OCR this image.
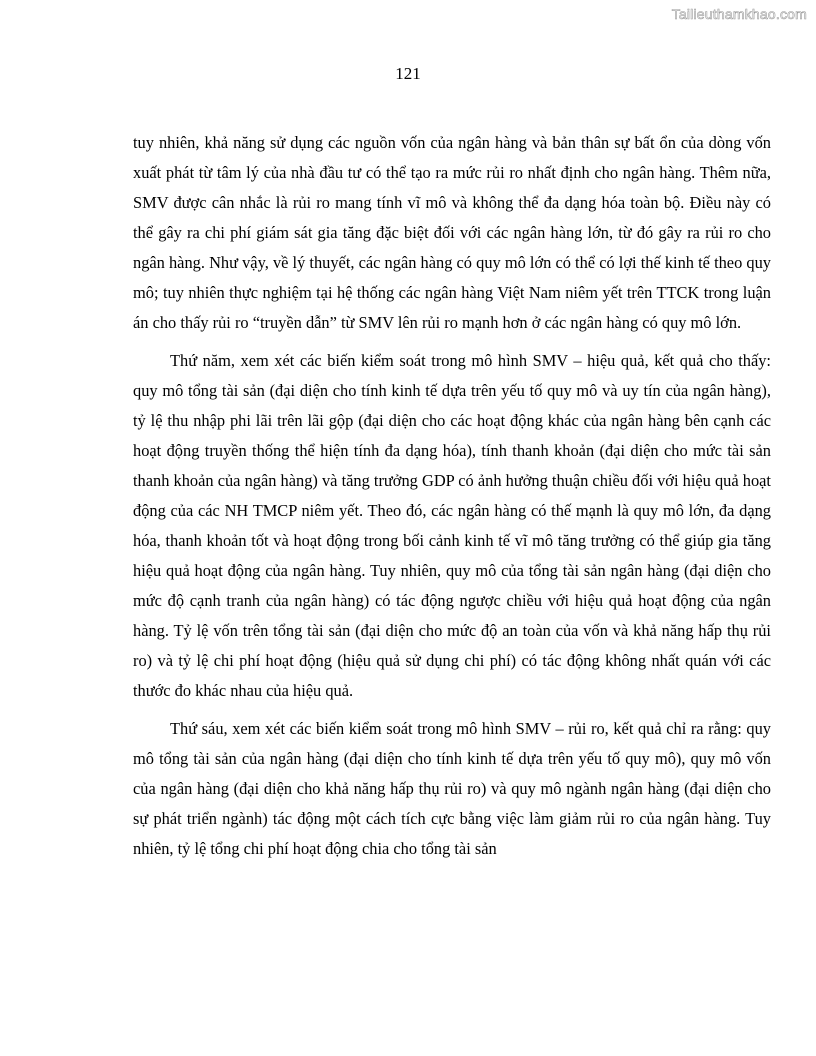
Tailieuthamkhao.com
121

tuy nhiên, khả năng sử dụng các nguồn vốn của ngân hàng và bản thân sự bất ổn của dòng vốn xuất phát từ tâm lý của nhà đầu tư có thể tạo ra mức rủi ro nhất định cho ngân hàng. Thêm nữa, SMV được cân nhắc là rủi ro mang tính vĩ mô và không thể đa dạng hóa toàn bộ. Điều này có thể gây ra chi phí giám sát gia tăng đặc biệt đối với các ngân hàng lớn, từ đó gây ra rủi ro cho ngân hàng. Như vậy, về lý thuyết, các ngân hàng có quy mô lớn có thể có lợi thế kinh tế theo quy mô; tuy nhiên thực nghiệm tại hệ thống các ngân hàng Việt Nam niêm yết trên TTCK trong luận án cho thấy rủi ro “truyền dẫn” từ SMV lên rủi ro mạnh hơn ở các ngân hàng có quy mô lớn.

Thứ năm, xem xét các biến kiểm soát trong mô hình SMV – hiệu quả, kết quả cho thấy: quy mô tổng tài sản (đại diện cho tính kinh tế dựa trên yếu tố quy mô và uy tín của ngân hàng), tỷ lệ thu nhập phi lãi trên lãi gộp (đại diện cho các hoạt động khác của ngân hàng bên cạnh các hoạt động truyền thống thể hiện tính đa dạng hóa), tính thanh khoản (đại diện cho mức tài sản thanh khoản của ngân hàng) và tăng trưởng GDP có ảnh hưởng thuận chiều đối với hiệu quả hoạt động của các NH TMCP niêm yết. Theo đó, các ngân hàng có thế mạnh là quy mô lớn, đa dạng hóa, thanh khoản tốt và hoạt động trong bối cảnh kinh tế vĩ mô tăng trưởng có thể giúp gia tăng hiệu quả hoạt động của ngân hàng. Tuy nhiên, quy mô của tổng tài sản ngân hàng (đại diện cho mức độ cạnh tranh của ngân hàng) có tác động ngược chiều với hiệu quả hoạt động của ngân hàng. Tỷ lệ vốn trên tổng tài sản (đại diện cho mức độ an toàn của vốn và khả năng hấp thụ rủi ro) và tỷ lệ chi phí hoạt động (hiệu quả sử dụng chi phí) có tác động không nhất quán với các thước đo khác nhau của hiệu quả.

Thứ sáu, xem xét các biến kiểm soát trong mô hình SMV – rủi ro, kết quả chỉ ra rằng: quy mô tổng tài sản của ngân hàng (đại diện cho tính kinh tế dựa trên yếu tố quy mô), quy mô vốn của ngân hàng (đại diện cho khả năng hấp thụ rủi ro) và quy mô ngành ngân hàng (đại diện cho sự phát triển ngành) tác động một cách tích cực bằng việc làm giảm rủi ro của ngân hàng. Tuy nhiên, tỷ lệ tổng chi phí hoạt động chia cho tổng tài sản
